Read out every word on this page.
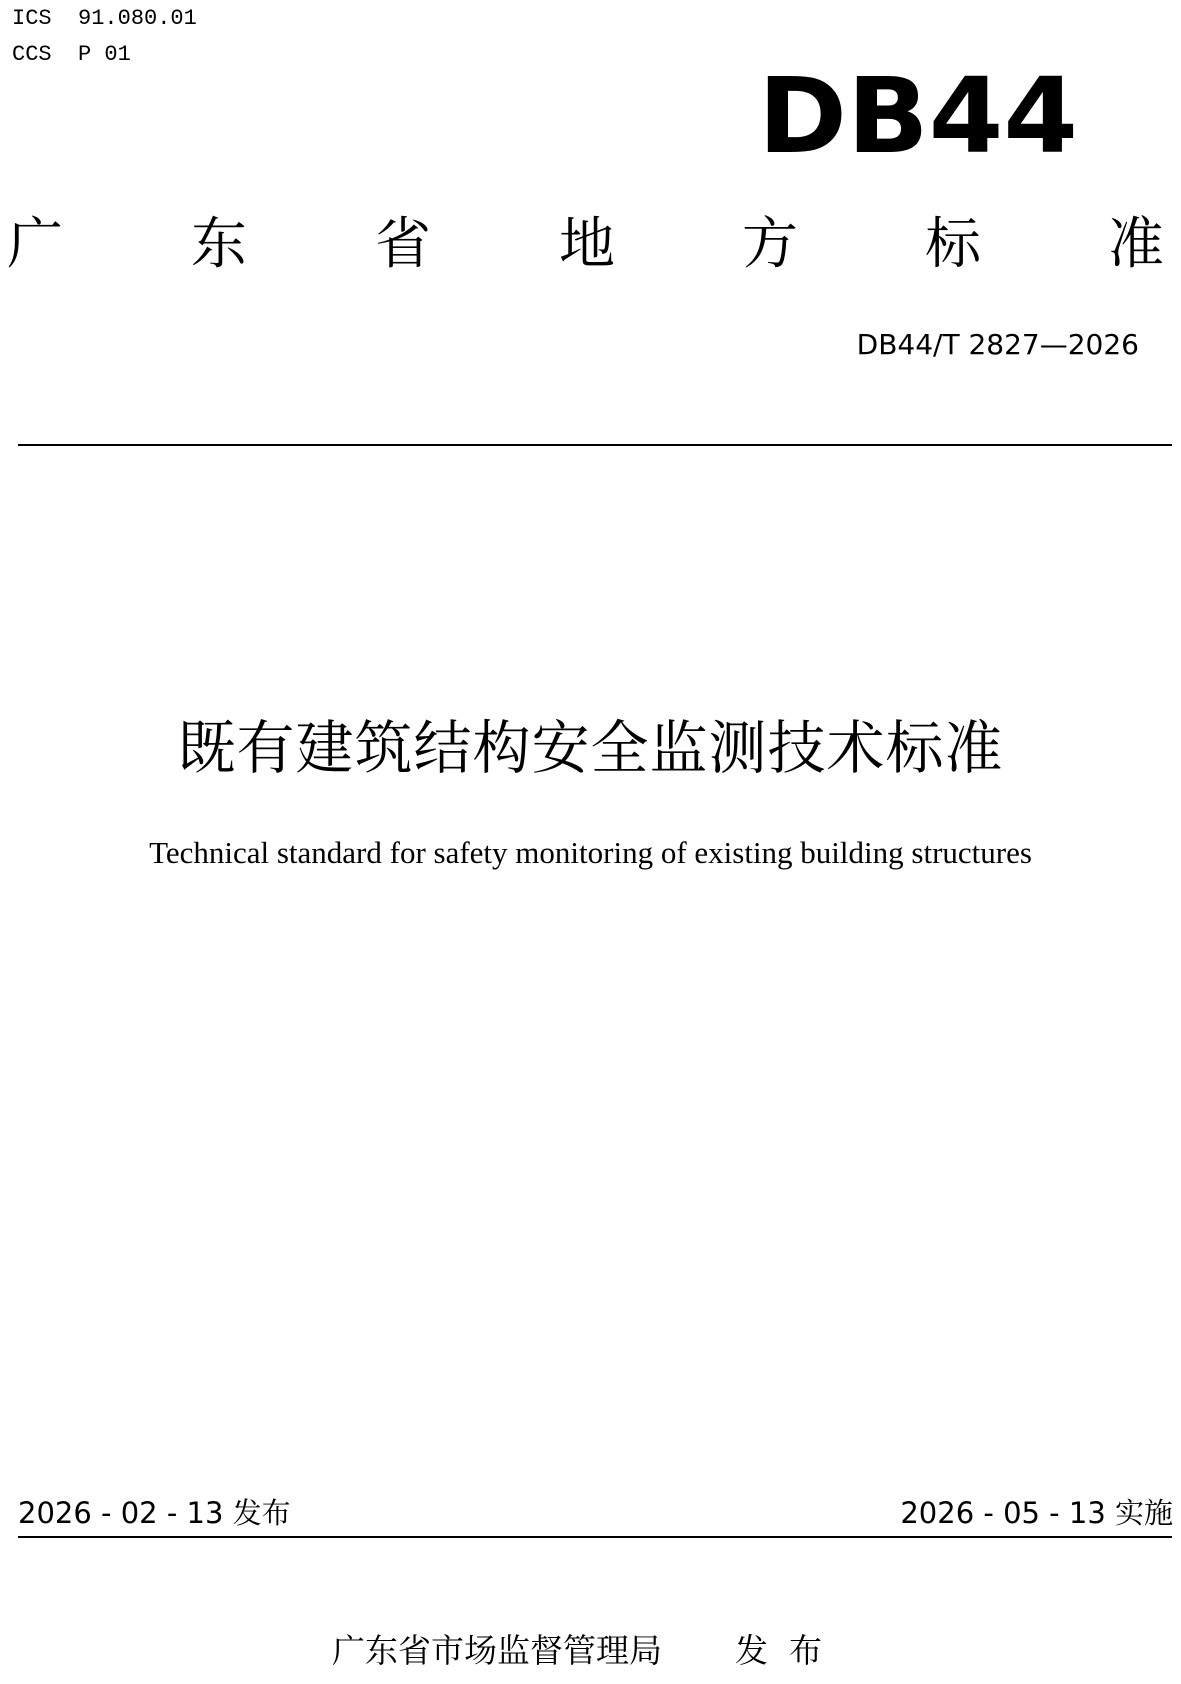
ICS  91.080.01
CCS  P 01
DB44
广 东 省 地 方 标 准
DB44/T 2827—2026
既有建筑结构安全监测技术标准
Technical standard for safety monitoring of existing building structures
2026 - 02 - 13 发布	2026 - 05 - 13 实施
广东省市场监督管理局 发  布
